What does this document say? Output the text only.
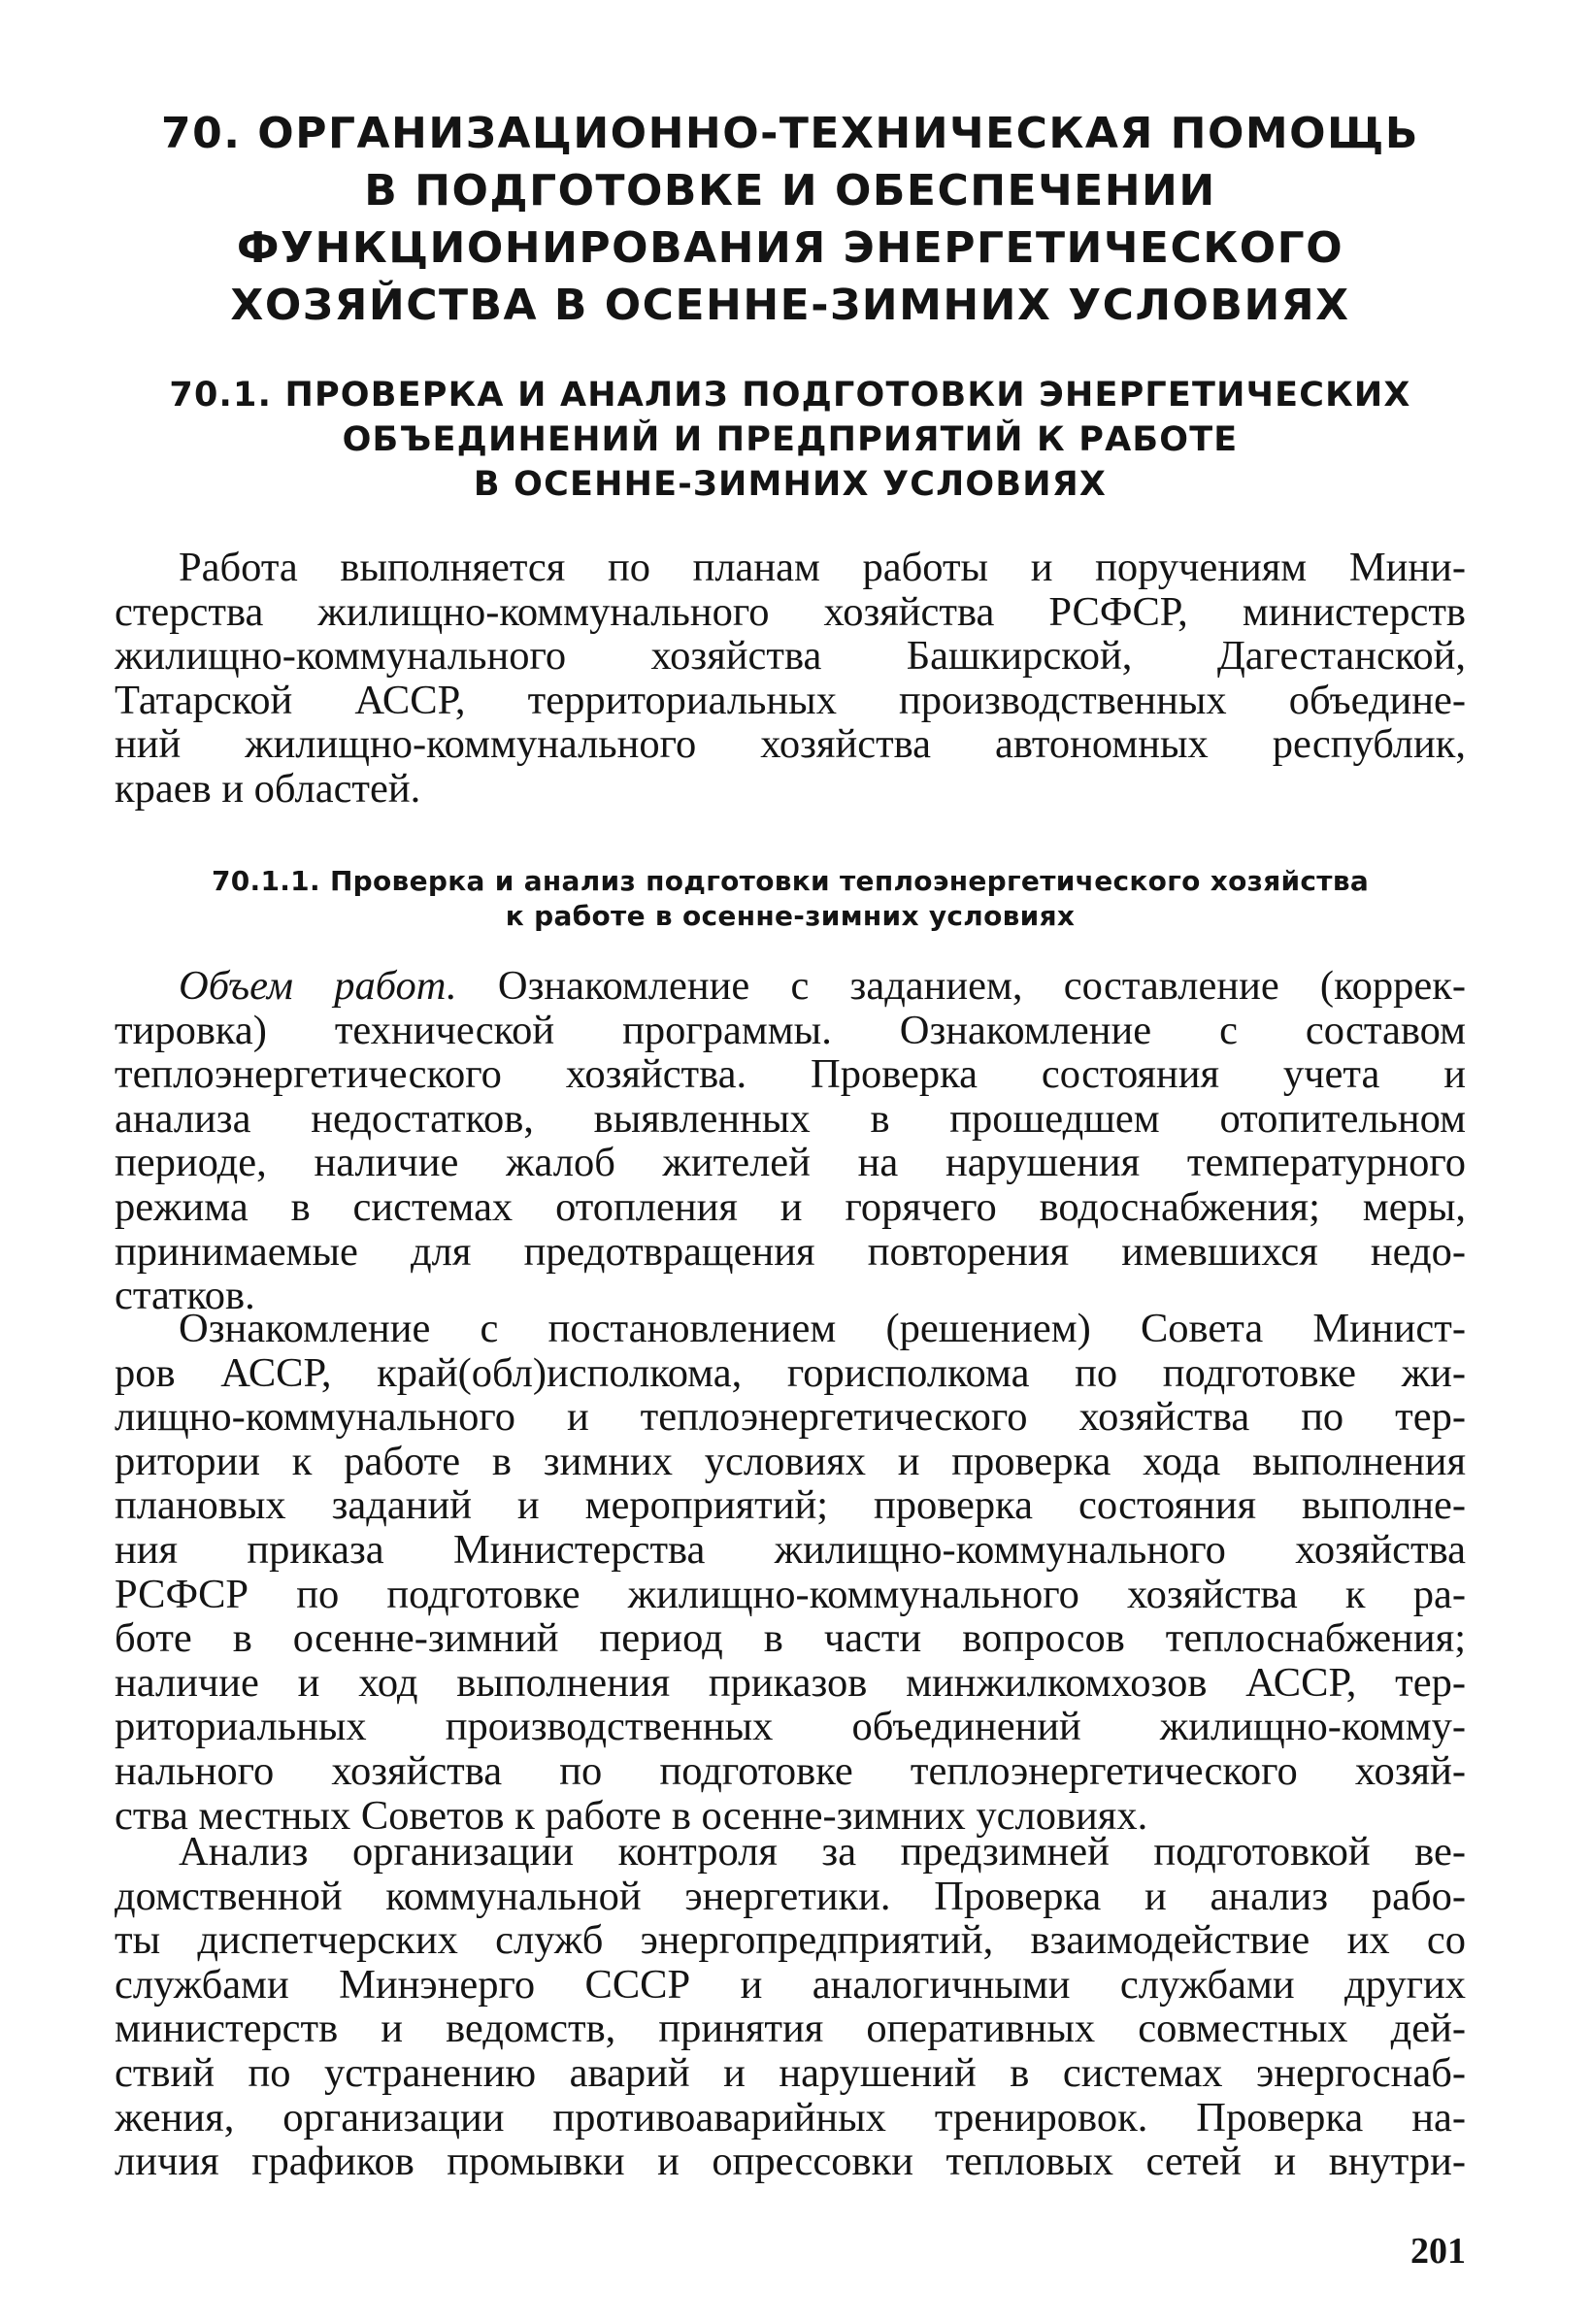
70. ОРГАНИЗАЦИОННО-ТЕХНИЧЕСКАЯ ПОМОЩЬ
В ПОДГОТОВКЕ И ОБЕСПЕЧЕНИИ
ФУНКЦИОНИРОВАНИЯ ЭНЕРГЕТИЧЕСКОГО
ХОЗЯЙСТВА В ОСЕННЕ-ЗИМНИХ УСЛОВИЯХ
70.1. ПРОВЕРКА И АНАЛИЗ ПОДГОТОВКИ ЭНЕРГЕТИЧЕСКИХ
ОБЪЕДИНЕНИЙ И ПРЕДПРИЯТИЙ К РАБОТЕ
В ОСЕННЕ-ЗИМНИХ УСЛОВИЯХ
Работа выполняется по планам работы и поручениям Мини-
стерства жилищно-коммунального хозяйства РСФСР, министерств
жилищно-коммунального хозяйства Башкирской, Дагестанской,
Татарской АССР, территориальных производственных объедине-
ний жилищно-коммунального хозяйства автономных республик,
краев и областей.
70.1.1. Проверка и анализ подготовки теплоэнергетического хозяйства
к работе в осенне-зимних условиях
Объем работ. Ознакомление с заданием, составление (коррек-
тировка) технической программы. Ознакомление с составом
теплоэнергетического хозяйства. Проверка состояния учета и
анализа недостатков, выявленных в прошедшем отопительном
периоде, наличие жалоб жителей на нарушения температурного
режима в системах отопления и горячего водоснабжения; меры,
принимаемые для предотвращения повторения имевшихся недо-
статков.
Ознакомление с постановлением (решением) Совета Минист-
ров АССР, край(обл)исполкома, горисполкома по подготовке жи-
лищно-коммунального и теплоэнергетического хозяйства по тер-
ритории к работе в зимних условиях и проверка хода выполнения
плановых заданий и мероприятий; проверка состояния выполне-
ния приказа Министерства жилищно-коммунального хозяйства
РСФСР по подготовке жилищно-коммунального хозяйства к ра-
боте в осенне-зимний период в части вопросов теплоснабжения;
наличие и ход выполнения приказов минжилкомхозов АССР, тер-
риториальных производственных объединений жилищно-комму-
нального хозяйства по подготовке теплоэнергетического хозяй-
ства местных Советов к работе в осенне-зимних условиях.
Анализ организации контроля за предзимней подготовкой ве-
домственной коммунальной энергетики. Проверка и анализ рабо-
ты диспетчерских служб энергопредприятий, взаимодействие их со
службами Минэнерго СССР и аналогичными службами других
министерств и ведомств, принятия оперативных совместных дей-
ствий по устранению аварий и нарушений в системах энергоснаб-
жения, организации противоаварийных тренировок. Проверка на-
личия графиков промывки и опрессовки тепловых сетей и внутри-
201
